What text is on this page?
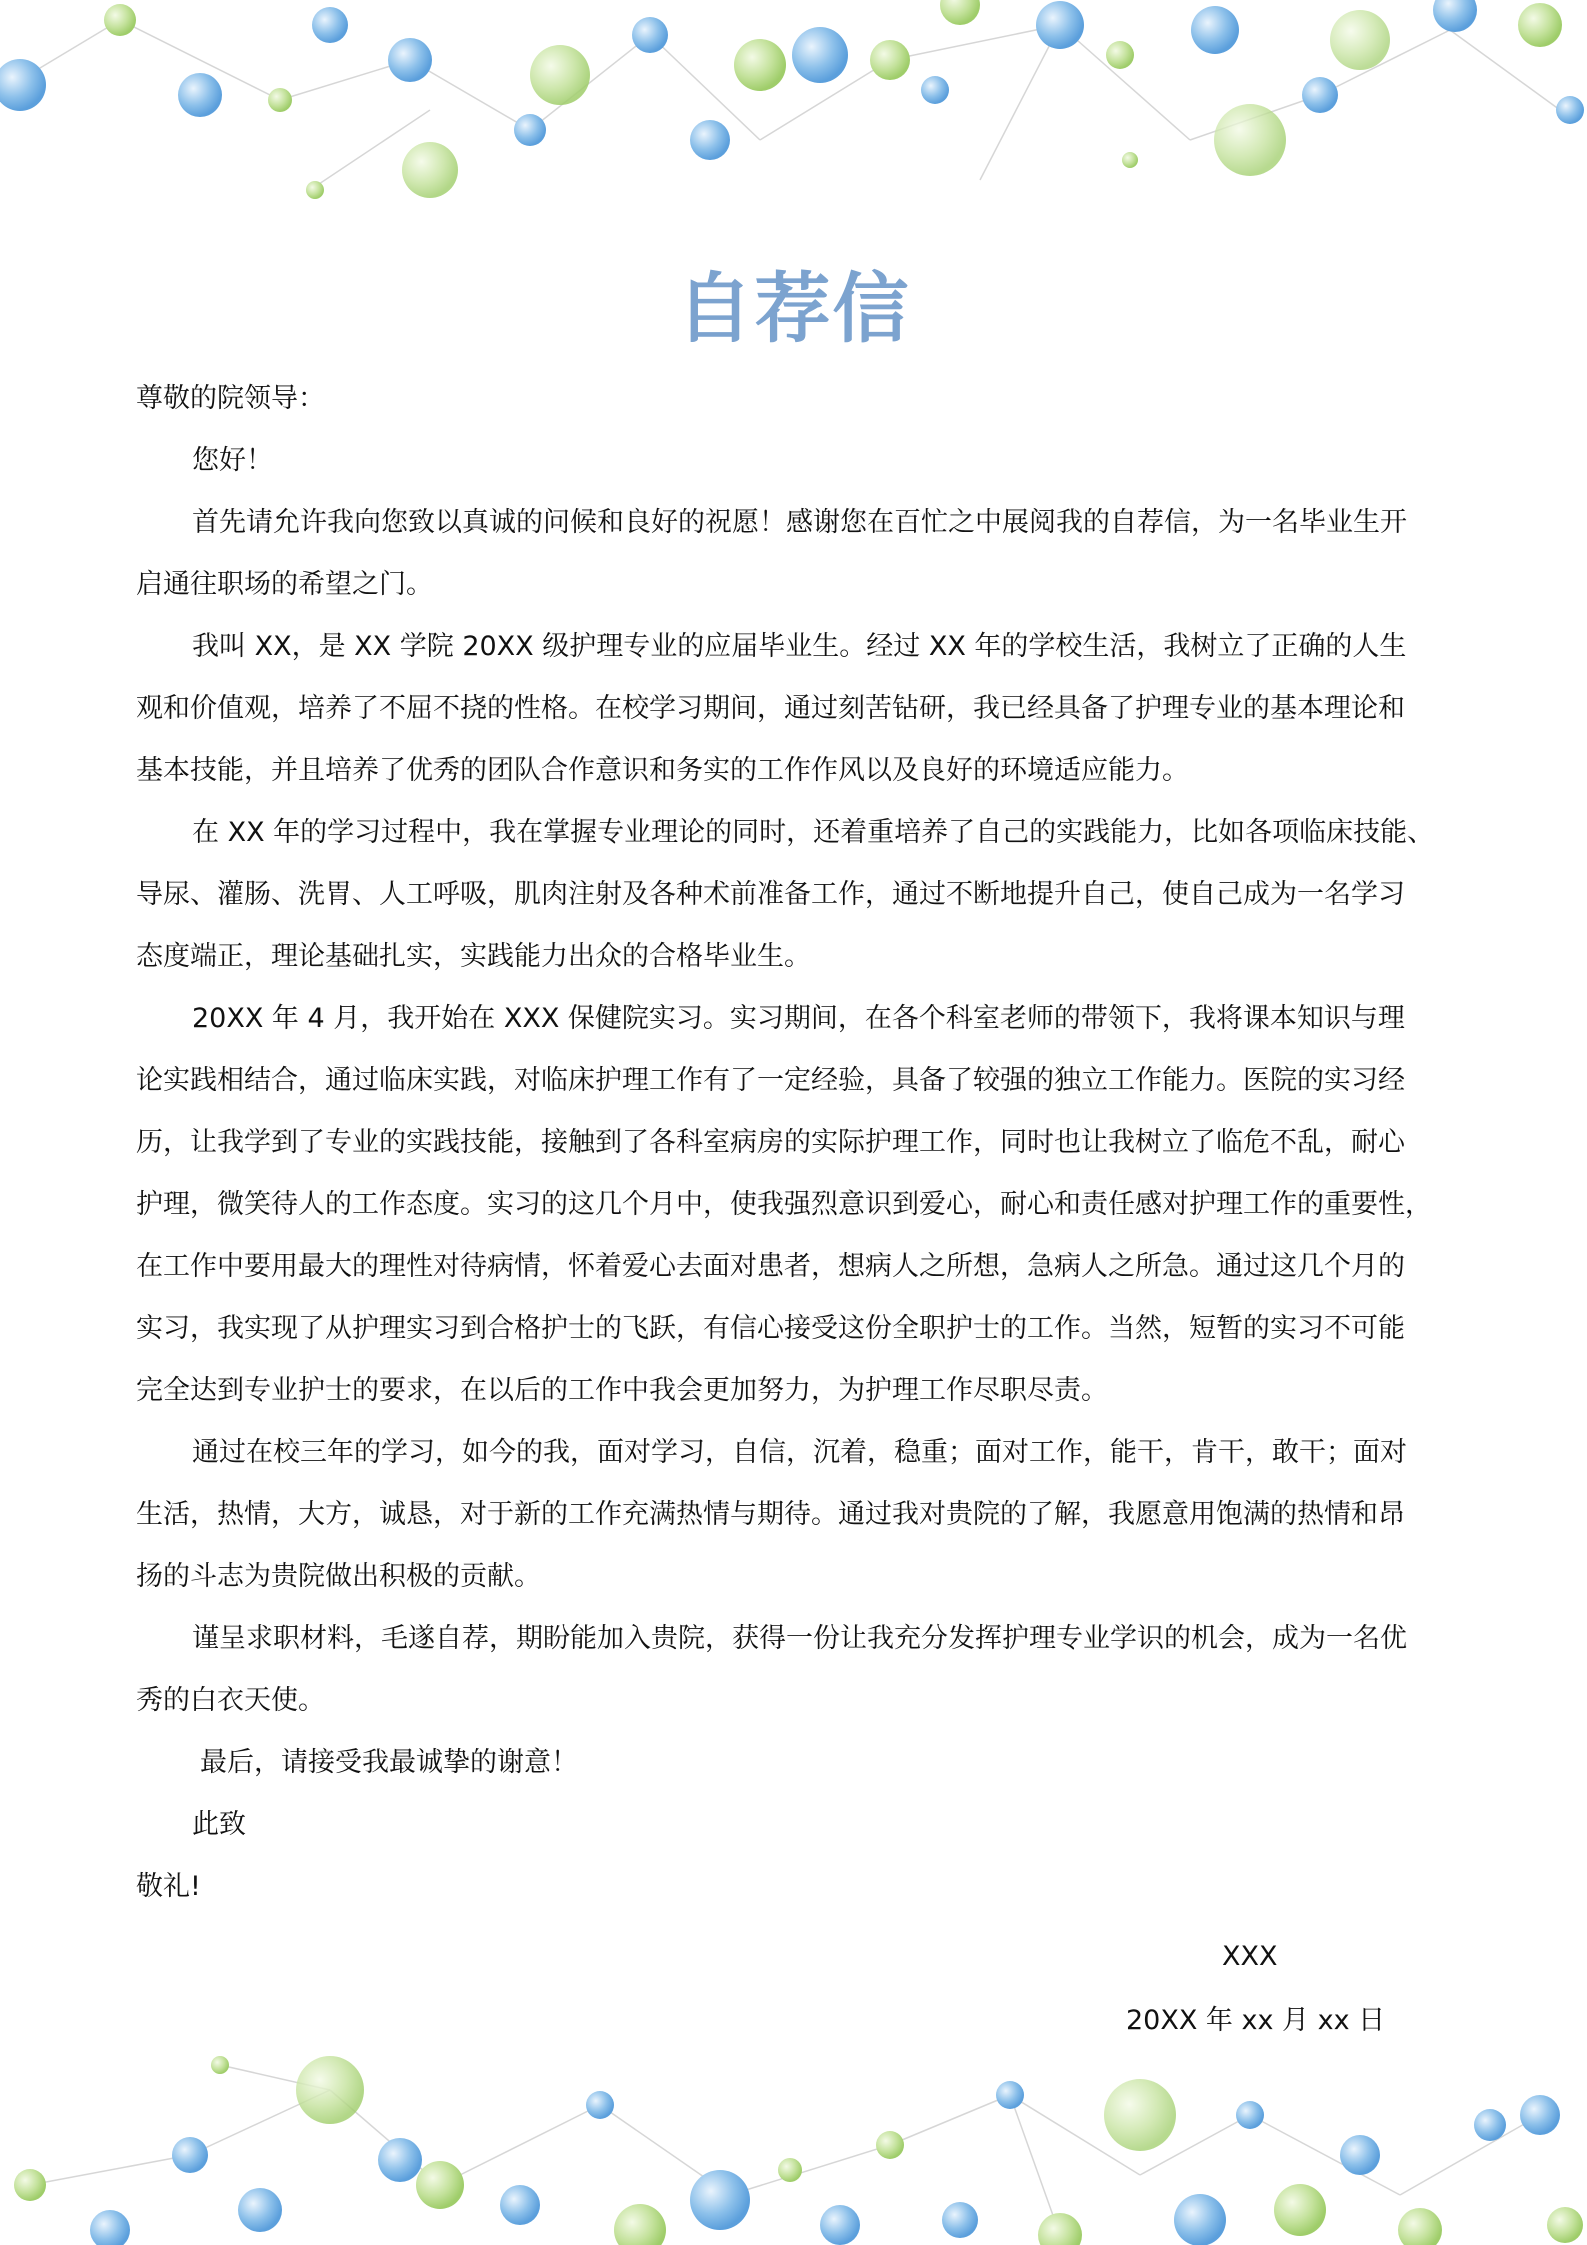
自荐信

尊敬的院领导：

您好！

首先请允许我向您致以真诚的问候和良好的祝愿！感谢您在百忙之中展阅我的自荐信，为一名毕业生开

启通往职场的希望之门。

我叫 XX，是 XX 学院 20XX 级护理专业的应届毕业生。经过 XX 年的学校生活，我树立了正确的人生

观和价值观，培养了不屈不挠的性格。在校学习期间，通过刻苦钻研，我已经具备了护理专业的基本理论和

基本技能，并且培养了优秀的团队合作意识和务实的工作作风以及良好的环境适应能力。

在 XX 年的学习过程中，我在掌握专业理论的同时，还着重培养了自己的实践能力，比如各项临床技能、

导尿、灌肠、洗胃、人工呼吸，肌肉注射及各种术前准备工作，通过不断地提升自己，使自己成为一名学习

态度端正，理论基础扎实，实践能力出众的合格毕业生。

20XX 年 4 月，我开始在 XXX 保健院实习。实习期间，在各个科室老师的带领下，我将课本知识与理

论实践相结合，通过临床实践，对临床护理工作有了一定经验，具备了较强的独立工作能力。医院的实习经

历，让我学到了专业的实践技能，接触到了各科室病房的实际护理工作，同时也让我树立了临危不乱，耐心

护理，微笑待人的工作态度。实习的这几个月中，使我强烈意识到爱心，耐心和责任感对护理工作的重要性，

在工作中要用最大的理性对待病情，怀着爱心去面对患者，想病人之所想，急病人之所急。通过这几个月的

实习，我实现了从护理实习到合格护士的飞跃，有信心接受这份全职护士的工作。当然，短暂的实习不可能

完全达到专业护士的要求，在以后的工作中我会更加努力，为护理工作尽职尽责。

通过在校三年的学习，如今的我，面对学习，自信，沉着，稳重；面对工作，能干，肯干，敢干；面对

生活，热情，大方，诚恳，对于新的工作充满热情与期待。通过我对贵院的了解，我愿意用饱满的热情和昂

扬的斗志为贵院做出积极的贡献。

谨呈求职材料，毛遂自荐，期盼能加入贵院，获得一份让我充分发挥护理专业学识的机会，成为一名优

秀的白衣天使。

最后，请接受我最诚挚的谢意！

此致

敬礼!

XXX
20XX 年 xx 月 xx 日
